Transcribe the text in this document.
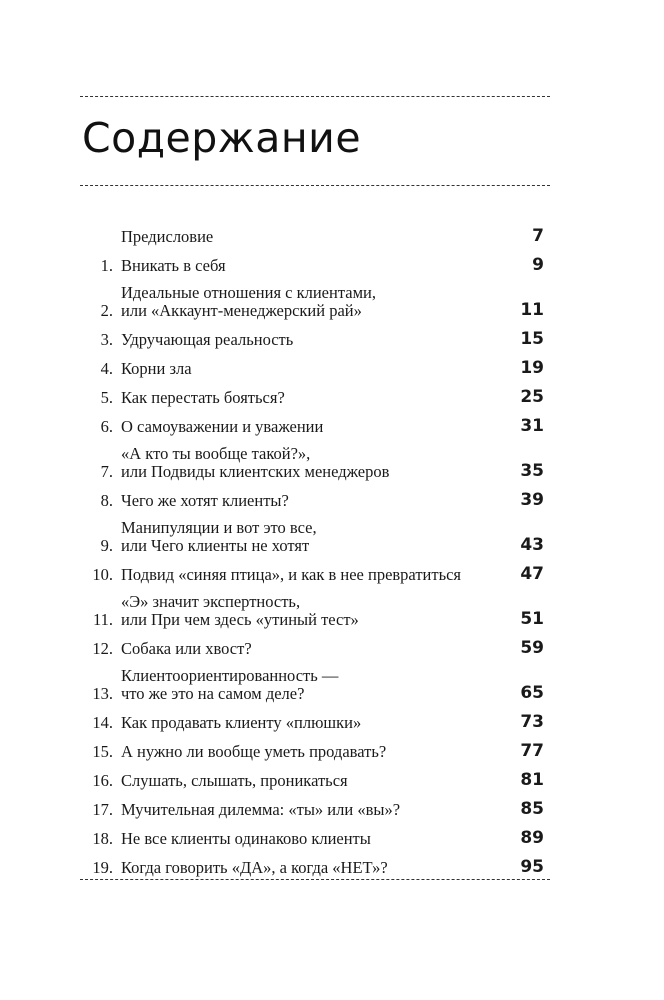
Содержание
Предисловие	7
1. Вникать в себя	9
2.
Идеальные отношения с клиентами,
или «Аккаунт-менеджерский рай»	11
3. Удручающая реальность	15
4. Корни зла	19
5. Как перестать бояться?	25
6. О самоуважении и уважении	31
7.
«А кто ты вообще такой?»,
или Подвиды клиентских менеджеров	35
8. Чего же хотят клиенты?	39
9.
Манипуляции и вот это все,
или Чего клиенты не хотят	43
10. Подвид «синяя птица», и как в нее превратиться	47
11.
«Э» значит экспертность,
или При чем здесь «утиный тест»	51
12. Собака или хвост?	59
13.
Клиентоориентированность —
что же это на самом деле?	65
14. Как продавать клиенту «плюшки»	73
15. А нужно ли вообще уметь продавать?	77
16. Слушать, слышать, проникаться	81
17. Мучительная дилемма: «ты» или «вы»?	85
18. Не все клиенты одинаково клиенты	89
19. Когда говорить «ДА», а когда «НЕТ»?	95
